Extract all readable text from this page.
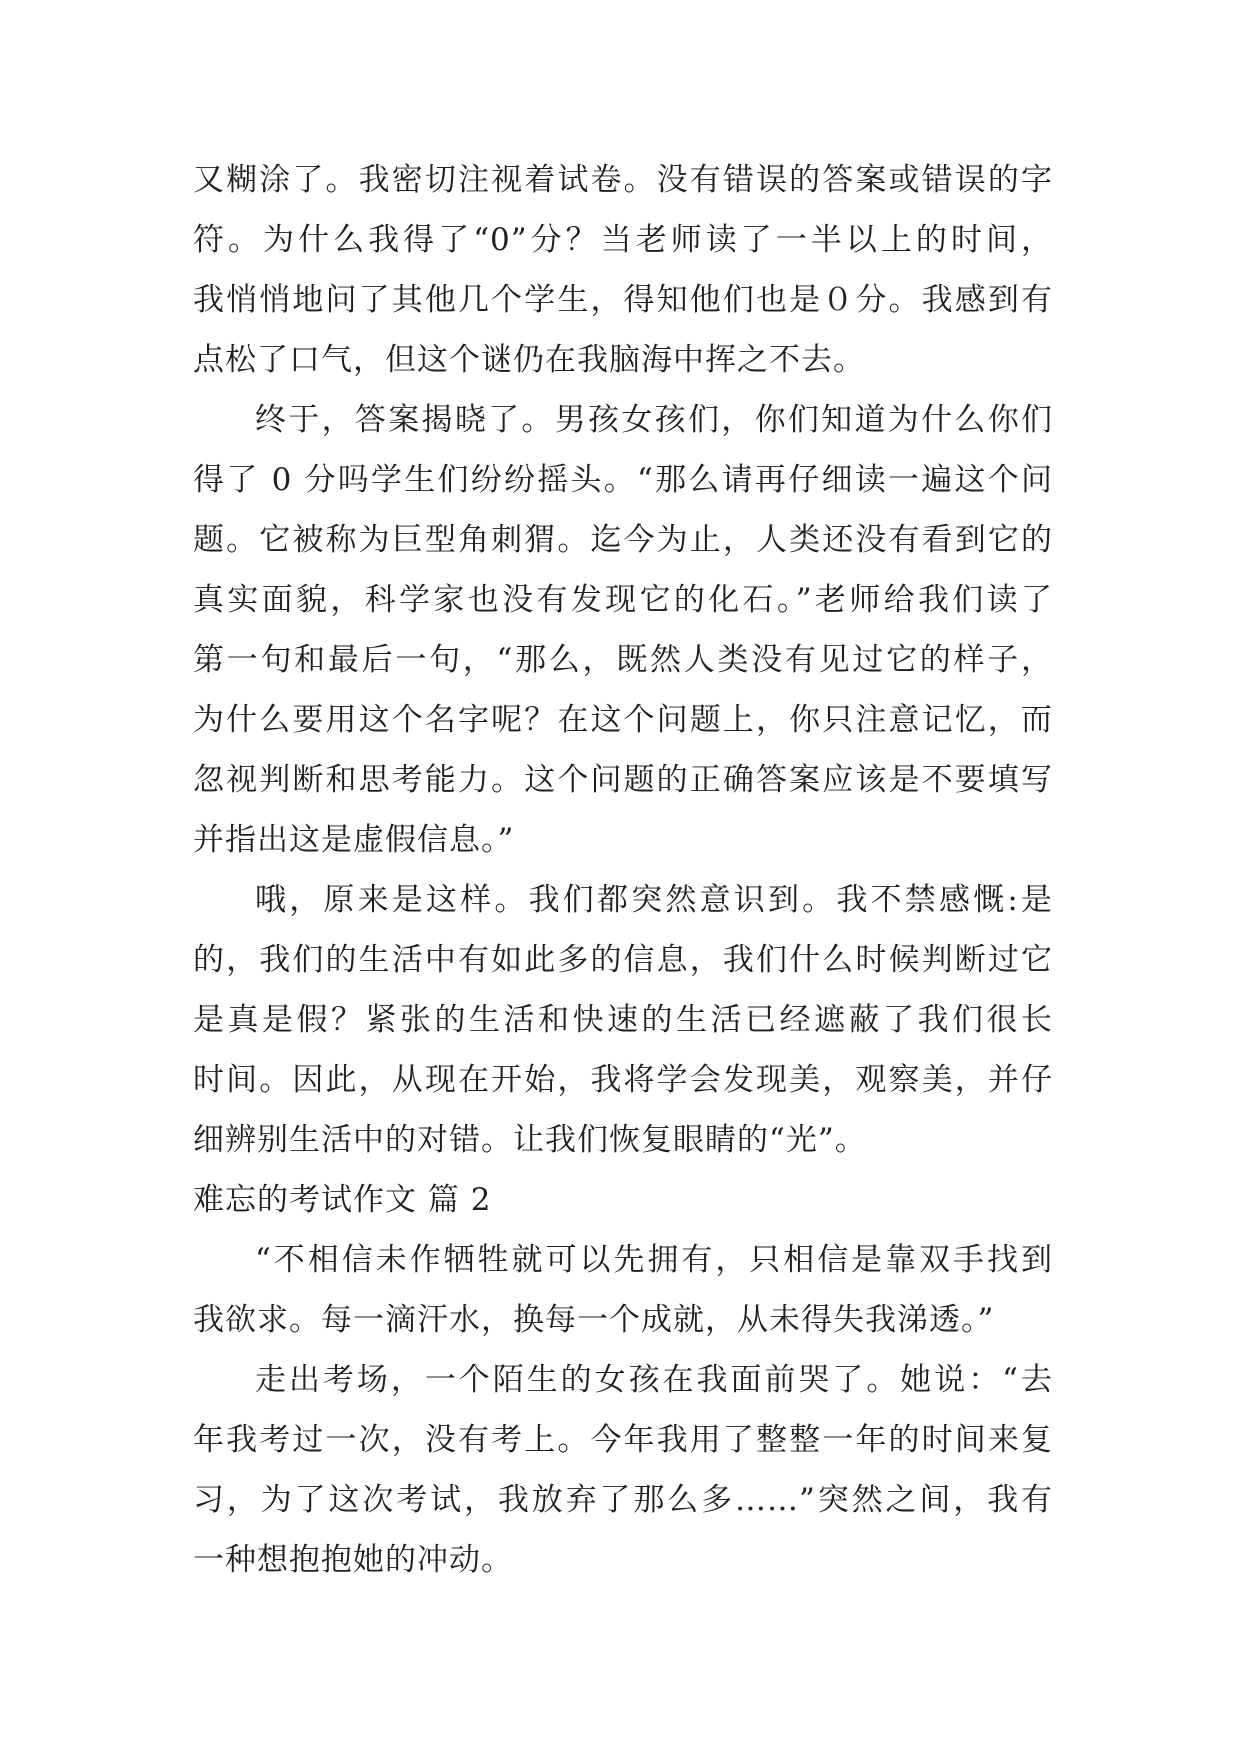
又糊涂了。我密切注视着试卷。没有错误的答案或错误的字
符。为什么我得了“0”分？当老师读了一半以上的时间，
我悄悄地问了其他几个学生，得知他们也是０分。我感到有
点松了口气，但这个谜仍在我脑海中挥之不去。
终于，答案揭晓了。男孩女孩们，你们知道为什么你们
得了 0 分吗学生们纷纷摇头。“那么请再仔细读一遍这个问
题。它被称为巨型角刺猬。迄今为止，人类还没有看到它的
真实面貌，科学家也没有发现它的化石。”老师给我们读了
第一句和最后一句，“那么，既然人类没有见过它的样子，
为什么要用这个名字呢？在这个问题上，你只注意记忆，而
忽视判断和思考能力。这个问题的正确答案应该是不要填写
并指出这是虚假信息。”
哦，原来是这样。我们都突然意识到。我不禁感慨:是
的，我们的生活中有如此多的信息，我们什么时候判断过它
是真是假？紧张的生活和快速的生活已经遮蔽了我们很长
时间。因此，从现在开始，我将学会发现美，观察美，并仔
细辨别生活中的对错。让我们恢复眼睛的“光”。
难忘的考试作文 篇 2
“不相信未作牺牲就可以先拥有，只相信是靠双手找到
我欲求。每一滴汗水，换每一个成就，从未得失我涕透。”
走出考场，一个陌生的女孩在我面前哭了。她说：“去
年我考过一次，没有考上。今年我用了整整一年的时间来复
习，为了这次考试，我放弃了那么多……”突然之间，我有
一种想抱抱她的冲动。
